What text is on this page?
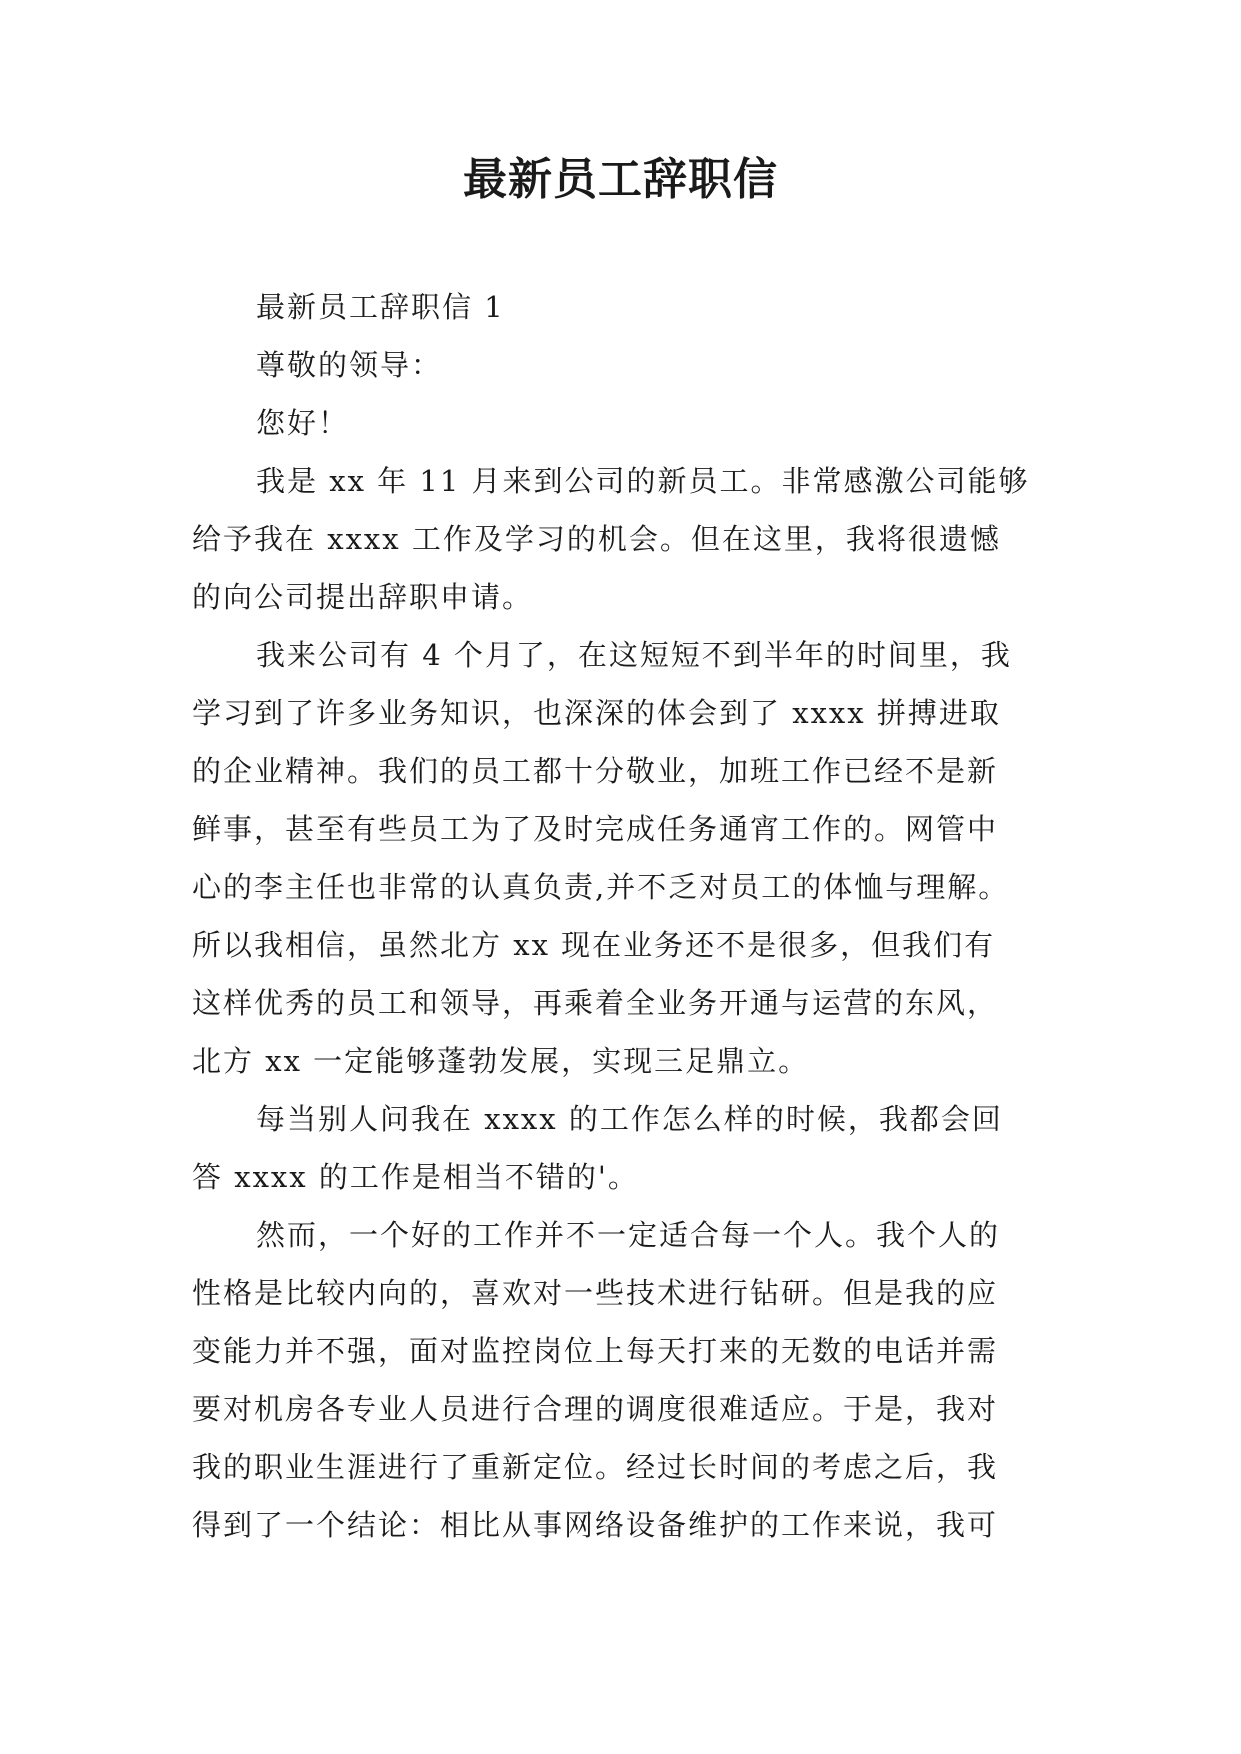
最新员工辞职信

最新员工辞职信 1

尊敬的领导：

您好！

我是 xx 年 11 月来到公司的新员工。非常感激公司能够

给予我在 xxxx 工作及学习的机会。但在这里，我将很遗憾

的向公司提出辞职申请。

我来公司有 4 个月了，在这短短不到半年的时间里，我

学习到了许多业务知识，也深深的体会到了 xxxx 拼搏进取

的企业精神。我们的员工都十分敬业，加班工作已经不是新

鲜事，甚至有些员工为了及时完成任务通宵工作的。网管中

心的李主任也非常的认真负责,并不乏对员工的体恤与理解。

所以我相信，虽然北方 xx 现在业务还不是很多，但我们有

这样优秀的员工和领导，再乘着全业务开通与运营的东风，

北方 xx 一定能够蓬勃发展，实现三足鼎立。

每当别人问我在 xxxx 的工作怎么样的时候，我都会回

答 xxxx 的工作是相当不错的'。

然而，一个好的工作并不一定适合每一个人。我个人的

性格是比较内向的，喜欢对一些技术进行钻研。但是我的应

变能力并不强，面对监控岗位上每天打来的无数的电话并需

要对机房各专业人员进行合理的调度很难适应。于是，我对

我的职业生涯进行了重新定位。经过长时间的考虑之后，我

得到了一个结论：相比从事网络设备维护的工作来说，我可
